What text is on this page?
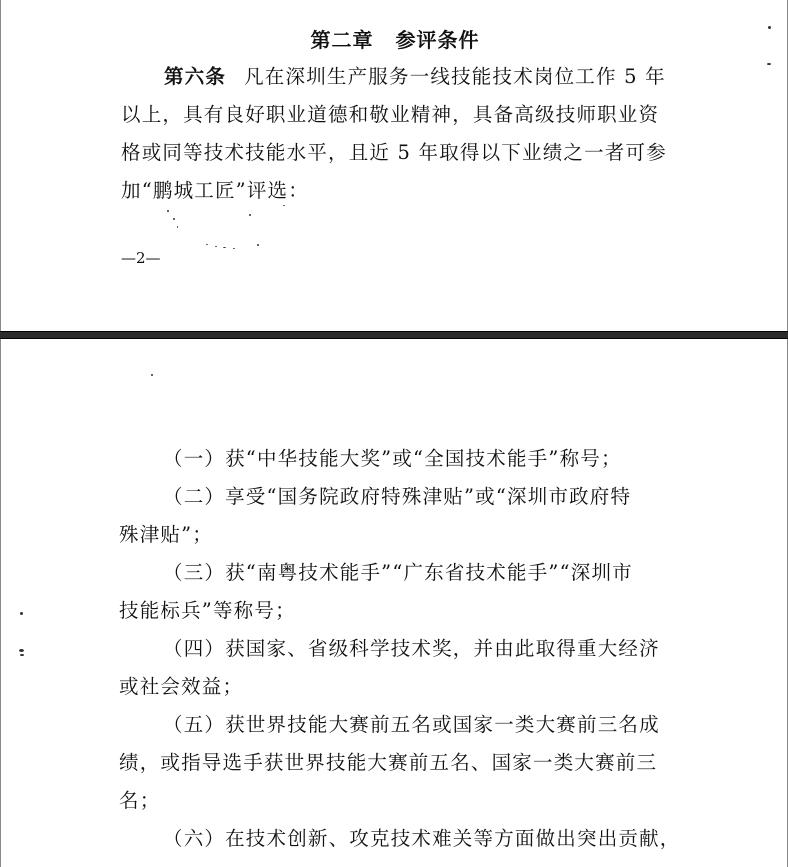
第二章 参评条件
第六条 凡在深圳生产服务一线技能技术岗位工作 5 年
以上，具有良好职业道德和敬业精神，具备高级技师职业资
格或同等技术技能水平，且近 5 年取得以下业绩之一者可参
加“鹏城工匠”评选：
—2—
（一）获“中华技能大奖”或“全国技术能手”称号；
（二）享受“国务院政府特殊津贴”或“深圳市政府特
殊津贴”；
（三）获“南粤技术能手”“广东省技术能手”“深圳市
技能标兵”等称号；
（四）获国家、省级科学技术奖，并由此取得重大经济
或社会效益；
（五）获世界技能大赛前五名或国家一类大赛前三名成
绩，或指导选手获世界技能大赛前五名、国家一类大赛前三
名；
（六）在技术创新、攻克技术难关等方面做出突出贡献，
